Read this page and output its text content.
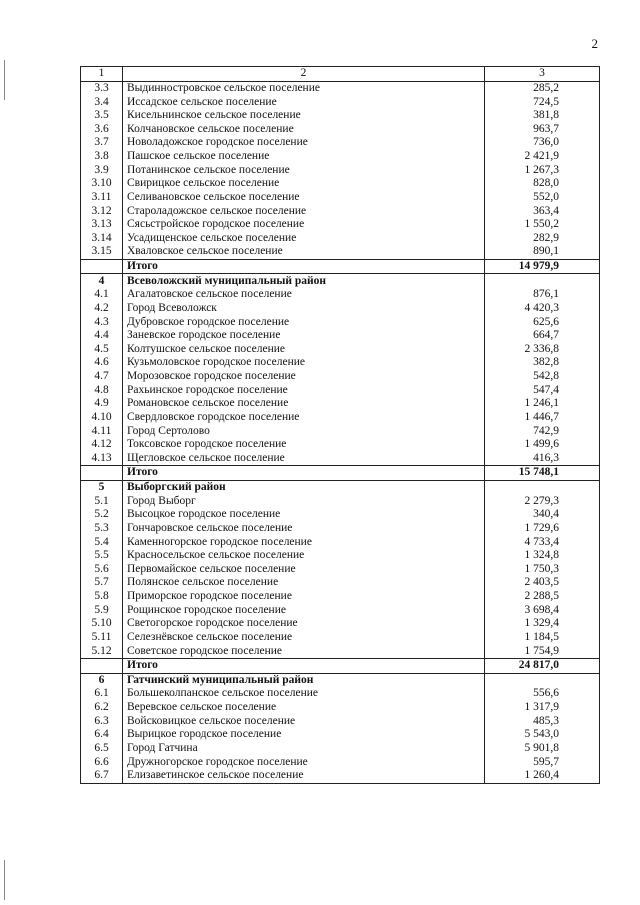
2
1	2	3
3.3	Выдинностровское сельское поселение	285,2
3.4	Иссадское сельское поселение	724,5
3.5	Кисельнинское сельское поселение	381,8
3.6	Колчановское сельское поселение	963,7
3.7	Новоладожское городское поселение	736,0
3.8	Пашское сельское поселение	2 421,9
3.9	Потанинское сельское поселение	1 267,3
3.10	Свирицкое сельское поселение	828,0
3.11	Селивановское сельское поселение	552,0
3.12	Староладожское сельское поселение	363,4
3.13	Сясьстройское городское поселение	1 550,2
3.14	Усадищенское сельское поселение	282,9
3.15	Хваловское сельское поселение	890,1
	Итого	14 979,9
4	Всеволожский муниципальный район	
4.1	Агалатовское сельское поселение	876,1
4.2	Город Всеволожск	4 420,3
4.3	Дубровское городское поселение	625,6
4.4	Заневское городское поселение	664,7
4.5	Колтушское сельское поселение	2 336,8
4.6	Кузьмоловское городское поселение	382,8
4.7	Морозовское городское поселение	542,8
4.8	Рахьинское городское поселение	547,4
4.9	Романовское сельское поселение	1 246,1
4.10	Свердловское городское поселение	1 446,7
4.11	Город Сертолово	742,9
4.12	Токсовское городское поселение	1 499,6
4.13	Щегловское сельское поселение	416,3
	Итого	15 748,1
5	Выборгский район	
5.1	Город Выборг	2 279,3
5.2	Высоцкое городское поселение	340,4
5.3	Гончаровское сельское поселение	1 729,6
5.4	Каменногорское городское поселение	4 733,4
5.5	Красносельское сельское поселение	1 324,8
5.6	Первомайское сельское поселение	1 750,3
5.7	Полянское сельское поселение	2 403,5
5.8	Приморское городское поселение	2 288,5
5.9	Рощинское городское поселение	3 698,4
5.10	Светогорское городское поселение	1 329,4
5.11	Селезнёвское сельское поселение	1 184,5
5.12	Советское городское поселение	1 754,9
	Итого	24 817,0
6	Гатчинский муниципальный район	
6.1	Большеколпанское сельское поселение	556,6
6.2	Веревское сельское поселение	1 317,9
6.3	Войсковицкое сельское поселение	485,3
6.4	Вырицкое городское поселение	5 543,0
6.5	Город Гатчина	5 901,8
6.6	Дружногорское городское поселение	595,7
6.7	Елизаветинское сельское поселение	1 260,4
